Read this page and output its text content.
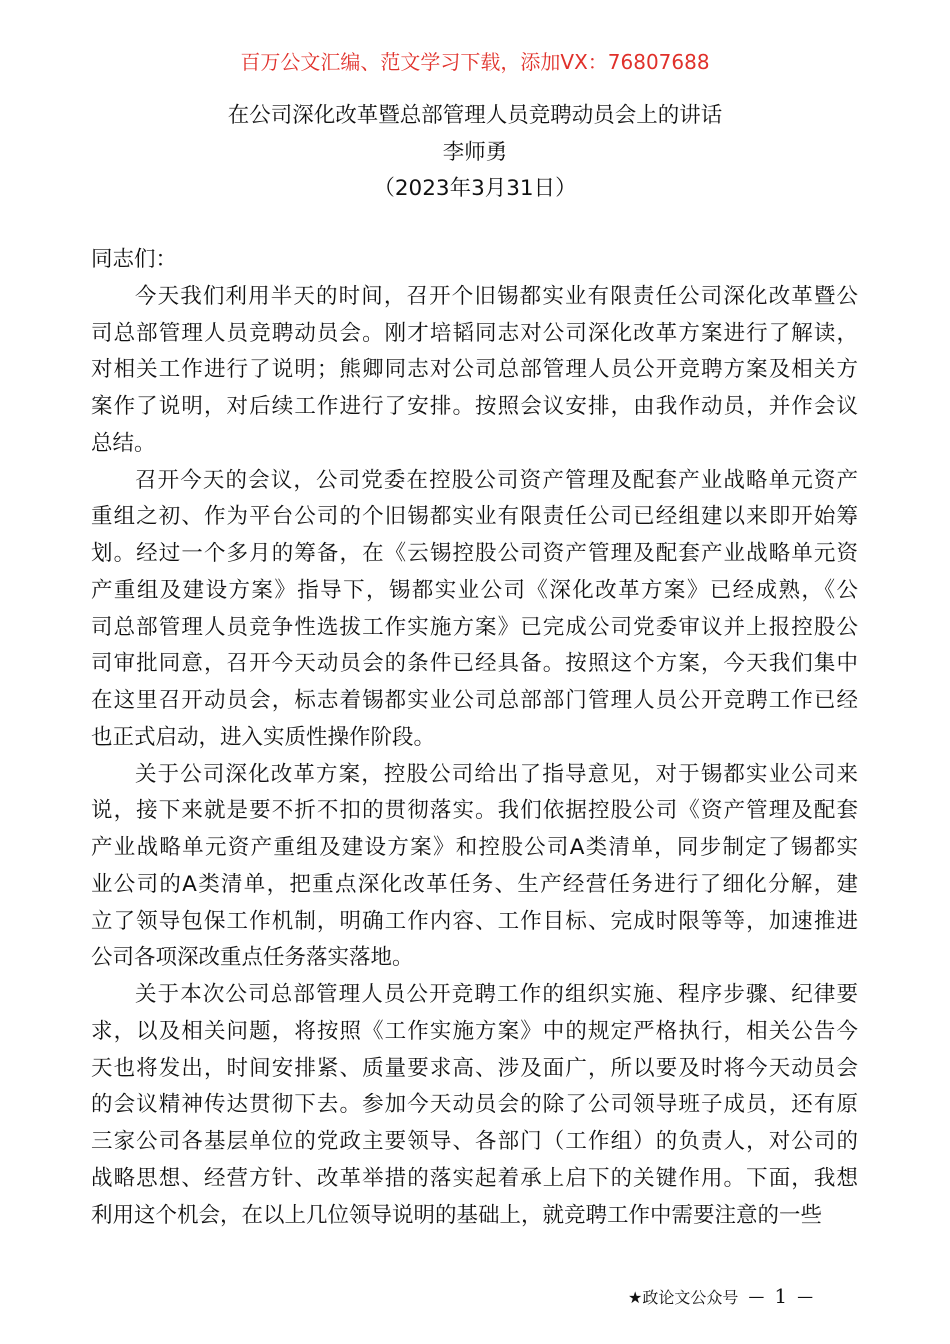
百万公文汇编、范文学习下载，添加VX：76807688
在公司深化改革暨总部管理人员竞聘动员会上的讲话
李师勇
（2023年3月31日）
同志们：
今天我们利用半天的时间，召开个旧锡都实业有限责任公司深化改革暨公
司总部管理人员竞聘动员会。刚才培韬同志对公司深化改革方案进行了解读，
对相关工作进行了说明；熊卿同志对公司总部管理人员公开竞聘方案及相关方
案作了说明，对后续工作进行了安排。按照会议安排，由我作动员，并作会议
总结。
召开今天的会议，公司党委在控股公司资产管理及配套产业战略单元资产
重组之初、作为平台公司的个旧锡都实业有限责任公司已经组建以来即开始筹
划。经过一个多月的筹备，在《云锡控股公司资产管理及配套产业战略单元资
产重组及建设方案》指导下，锡都实业公司《深化改革方案》已经成熟，《公
司总部管理人员竞争性选拔工作实施方案》已完成公司党委审议并上报控股公
司审批同意，召开今天动员会的条件已经具备。按照这个方案，今天我们集中
在这里召开动员会，标志着锡都实业公司总部部门管理人员公开竞聘工作已经
也正式启动，进入实质性操作阶段。
关于公司深化改革方案，控股公司给出了指导意见，对于锡都实业公司来
说，接下来就是要不折不扣的贯彻落实。我们依据控股公司《资产管理及配套
产业战略单元资产重组及建设方案》和控股公司A类清单，同步制定了锡都实
业公司的A类清单，把重点深化改革任务、生产经营任务进行了细化分解，建
立了领导包保工作机制，明确工作内容、工作目标、完成时限等等，加速推进
公司各项深改重点任务落实落地。
关于本次公司总部管理人员公开竞聘工作的组织实施、程序步骤、纪律要
求，以及相关问题，将按照《工作实施方案》中的规定严格执行，相关公告今
天也将发出，时间安排紧、质量要求高、涉及面广，所以要及时将今天动员会
的会议精神传达贯彻下去。参加今天动员会的除了公司领导班子成员，还有原
三家公司各基层单位的党政主要领导、各部门（工作组）的负责人，对公司的
战略思想、经营方针、改革举措的落实起着承上启下的关键作用。下面，我想
利用这个机会，在以上几位领导说明的基础上，就竞聘工作中需要注意的一些
★政论文公众号 — 1 —
